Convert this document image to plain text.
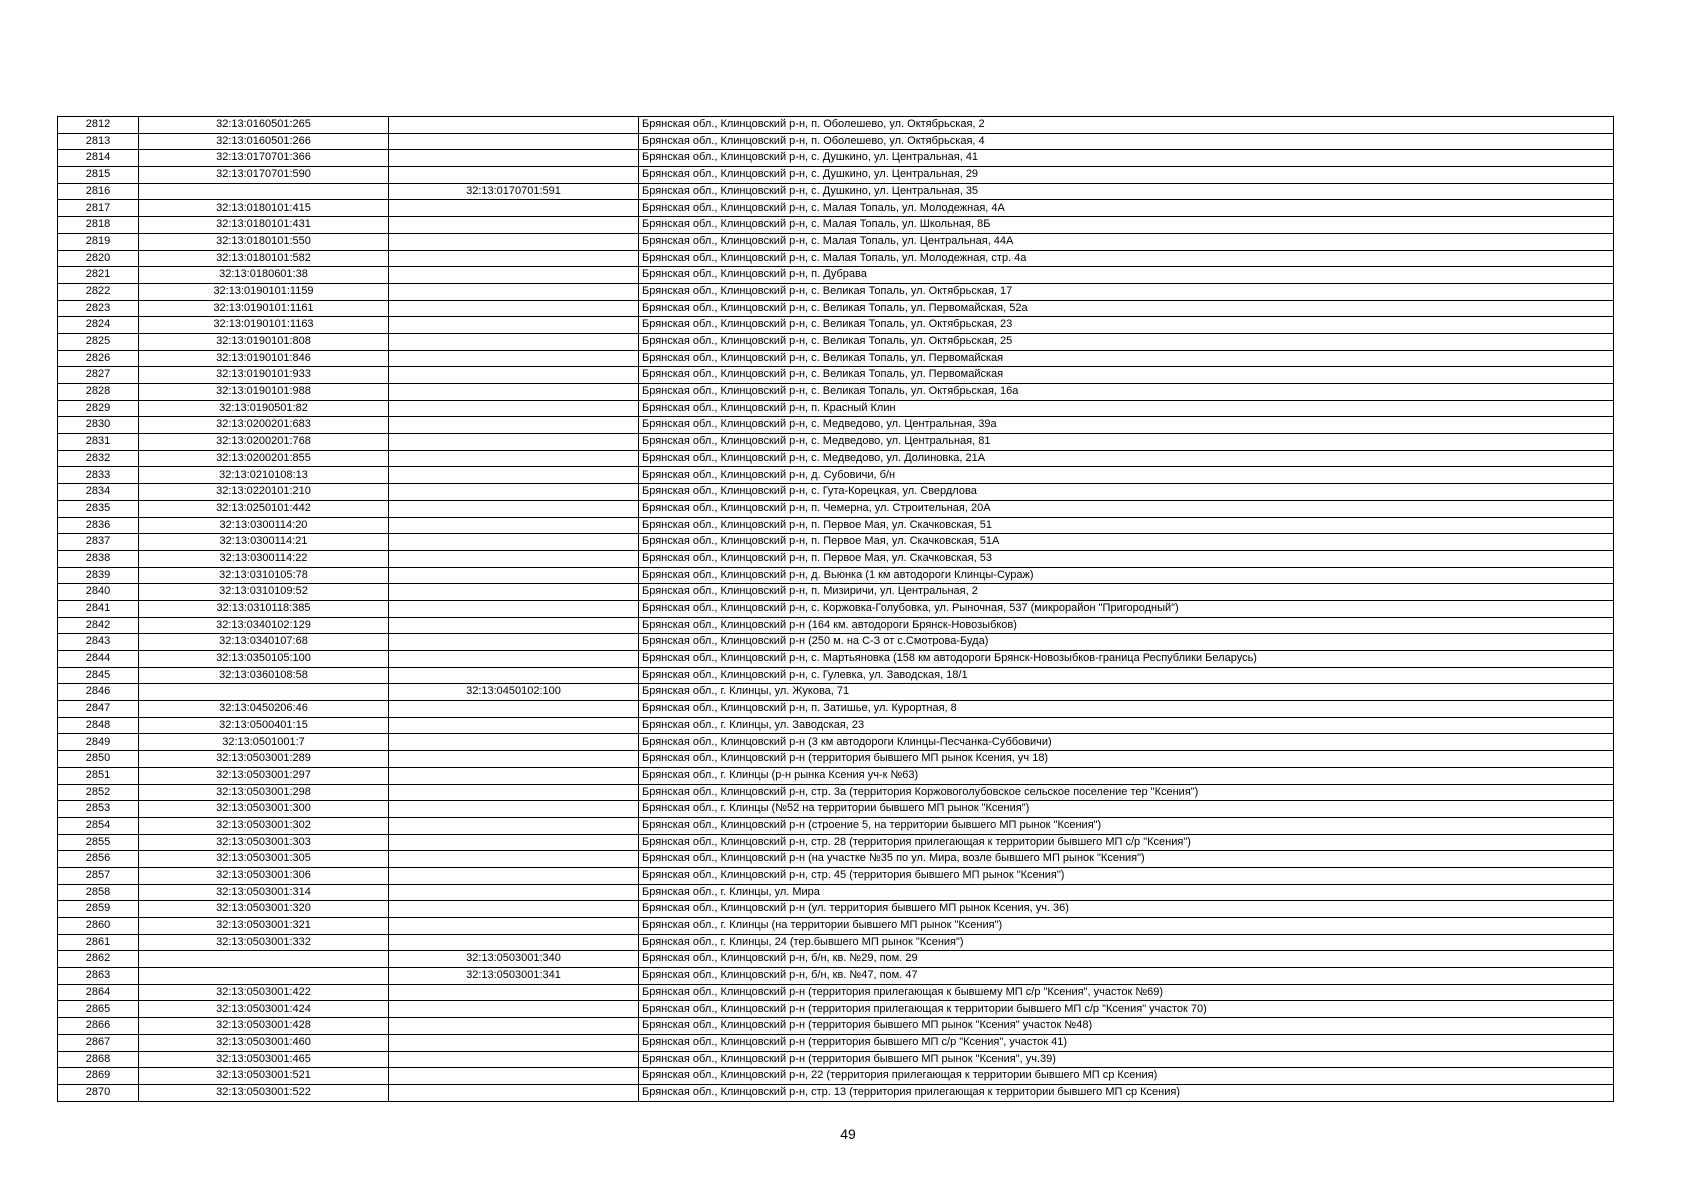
2812	32:13:0160501:265		Брянская обл., Клинцовский р-н, п. Оболешево, ул. Октябрьская, 2
2813	32:13:0160501:266		Брянская обл., Клинцовский р-н, п. Оболешево, ул. Октябрьская, 4
2814	32:13:0170701:366		Брянская обл., Клинцовский р-н, с. Душкино, ул. Центральная, 41
2815	32:13:0170701:590		Брянская обл., Клинцовский р-н, с. Душкино, ул. Центральная, 29
2816		32:13:0170701:591	Брянская обл., Клинцовский р-н, с. Душкино, ул. Центральная, 35
2817	32:13:0180101:415		Брянская обл., Клинцовский р-н, с. Малая Топаль, ул. Молодежная, 4А
2818	32:13:0180101:431		Брянская обл., Клинцовский р-н, с. Малая Топаль, ул. Школьная, 8Б
2819	32:13:0180101:550		Брянская обл., Клинцовский р-н, с. Малая Топаль, ул. Центральная, 44А
2820	32:13:0180101:582		Брянская обл., Клинцовский р-н, с. Малая Топаль, ул. Молодежная, стр. 4а
2821	32:13:0180601:38		Брянская обл., Клинцовский р-н, п. Дубрава
2822	32:13:0190101:1159		Брянская обл., Клинцовский р-н, с. Великая Топаль, ул. Октябрьская, 17
2823	32:13:0190101:1161		Брянская обл., Клинцовский р-н, с. Великая Топаль, ул. Первомайская, 52а
2824	32:13:0190101:1163		Брянская обл., Клинцовский р-н, с. Великая Топаль, ул. Октябрьская, 23
2825	32:13:0190101:808		Брянская обл., Клинцовский р-н, с. Великая Топаль, ул. Октябрьская, 25
2826	32:13:0190101:846		Брянская обл., Клинцовский р-н, с. Великая Топаль, ул. Первомайская
2827	32:13:0190101:933		Брянская обл., Клинцовский р-н, с. Великая Топаль, ул. Первомайская
2828	32:13:0190101:988		Брянская обл., Клинцовский р-н, с. Великая Топаль, ул. Октябрьская, 16а
2829	32:13:0190501:82		Брянская обл., Клинцовский р-н, п. Красный Клин
2830	32:13:0200201:683		Брянская обл., Клинцовский р-н, с. Медведово, ул. Центральная, 39а
2831	32:13:0200201:768		Брянская обл., Клинцовский р-н, с. Медведово, ул. Центральная, 81
2832	32:13:0200201:855		Брянская обл., Клинцовский р-н, с. Медведово, ул. Долиновка, 21А
2833	32:13:0210108:13		Брянская обл., Клинцовский р-н, д. Субовичи, б/н
2834	32:13:0220101:210		Брянская обл., Клинцовский р-н, с. Гута-Корецкая, ул. Свердлова
2835	32:13:0250101:442		Брянская обл., Клинцовский р-н, п. Чемерна, ул. Строительная, 20А
2836	32:13:0300114:20		Брянская обл., Клинцовский р-н, п. Первое Мая, ул. Скачковская, 51
2837	32:13:0300114:21		Брянская обл., Клинцовский р-н, п. Первое Мая, ул. Скачковская, 51А
2838	32:13:0300114:22		Брянская обл., Клинцовский р-н, п. Первое Мая, ул. Скачковская, 53
2839	32:13:0310105:78		Брянская обл., Клинцовский р-н, д. Вьюнка (1 км автодороги Клинцы-Сураж)
2840	32:13:0310109:52		Брянская обл., Клинцовский р-н, п. Мизиричи, ул. Центральная, 2
2841	32:13:0310118:385		Брянская обл., Клинцовский р-н, с. Коржовка-Голубовка, ул. Рыночная, 537 (микрорайон "Пригородный")
2842	32:13:0340102:129		Брянская обл., Клинцовский р-н (164 км. автодороги Брянск-Новозыбков)
2843	32:13:0340107:68		Брянская обл., Клинцовский р-н (250 м. на С-З от с.Смотрова-Буда)
2844	32:13:0350105:100		Брянская обл., Клинцовский р-н, с. Мартьяновка (158 км автодороги Брянск-Новозыбков-граница Республики Беларусь)
2845	32:13:0360108:58		Брянская обл., Клинцовский р-н, с. Гулевка, ул. Заводская, 18/1
2846		32:13:0450102:100	Брянская обл., г. Клинцы, ул. Жукова, 71
2847	32:13:0450206:46		Брянская обл., Клинцовский р-н, п. Затишье, ул. Курортная, 8
2848	32:13:0500401:15		Брянская обл., г. Клинцы, ул. Заводская, 23
2849	32:13:0501001:7		Брянская обл., Клинцовский р-н (3 км автодороги Клинцы-Песчанка-Суббовичи)
2850	32:13:0503001:289		Брянская обл., Клинцовский р-н (территория бывшего МП рынок Ксения, уч 18)
2851	32:13:0503001:297		Брянская обл., г. Клинцы (р-н рынка Ксения уч-к №63)
2852	32:13:0503001:298		Брянская обл., Клинцовский р-н, стр. 3а (территория Коржовоголубовское сельское поселение тер "Ксения")
2853	32:13:0503001:300		Брянская обл., г. Клинцы (№52 на территории бывшего МП рынок "Ксения")
2854	32:13:0503001:302		Брянская обл., Клинцовский р-н (строение 5, на территории бывшего МП рынок "Ксения")
2855	32:13:0503001:303		Брянская обл., Клинцовский р-н, стр. 28 (территория прилегающая к территории бывшего МП с/р "Ксения")
2856	32:13:0503001:305		Брянская обл., Клинцовский р-н (на участке №35 по ул. Мира, возле бывшего МП рынок "Ксения")
2857	32:13:0503001:306		Брянская обл., Клинцовский р-н, стр. 45 (территория бывшего МП рынок "Ксения")
2858	32:13:0503001:314		Брянская обл., г. Клинцы, ул. Мира
2859	32:13:0503001:320		Брянская обл., Клинцовский р-н (ул. территория бывшего МП рынок Ксения, уч. 36)
2860	32:13:0503001:321		Брянская обл., г. Клинцы (на территории бывшего МП рынок "Ксения")
2861	32:13:0503001:332		Брянская обл., г. Клинцы, 24 (тер.бывшего МП рынок "Ксения")
2862		32:13:0503001:340	Брянская обл., Клинцовский р-н, б/н, кв. №29, пом. 29
2863		32:13:0503001:341	Брянская обл., Клинцовский р-н, б/н, кв. №47, пом. 47
2864	32:13:0503001:422		Брянская обл., Клинцовский р-н (территория прилегающая к бывшему МП с/р "Ксения", участок №69)
2865	32:13:0503001:424		Брянская обл., Клинцовский р-н (территория прилегающая к территории бывшего МП с/р "Ксения" участок 70)
2866	32:13:0503001:428		Брянская обл., Клинцовский р-н (территория бывшего МП рынок "Ксения" участок №48)
2867	32:13:0503001:460		Брянская обл., Клинцовский р-н (территория бывшего МП с/р "Ксения", участок 41)
2868	32:13:0503001:465		Брянская обл., Клинцовский р-н (территория бывшего МП рынок "Ксения", уч.39)
2869	32:13:0503001:521		Брянская обл., Клинцовский р-н, 22 (территория прилегающая к территории бывшего МП ср Ксения)
2870	32:13:0503001:522		Брянская обл., Клинцовский р-н, стр. 13 (территория прилегающая к территории бывшего МП ср Ксения)
49
